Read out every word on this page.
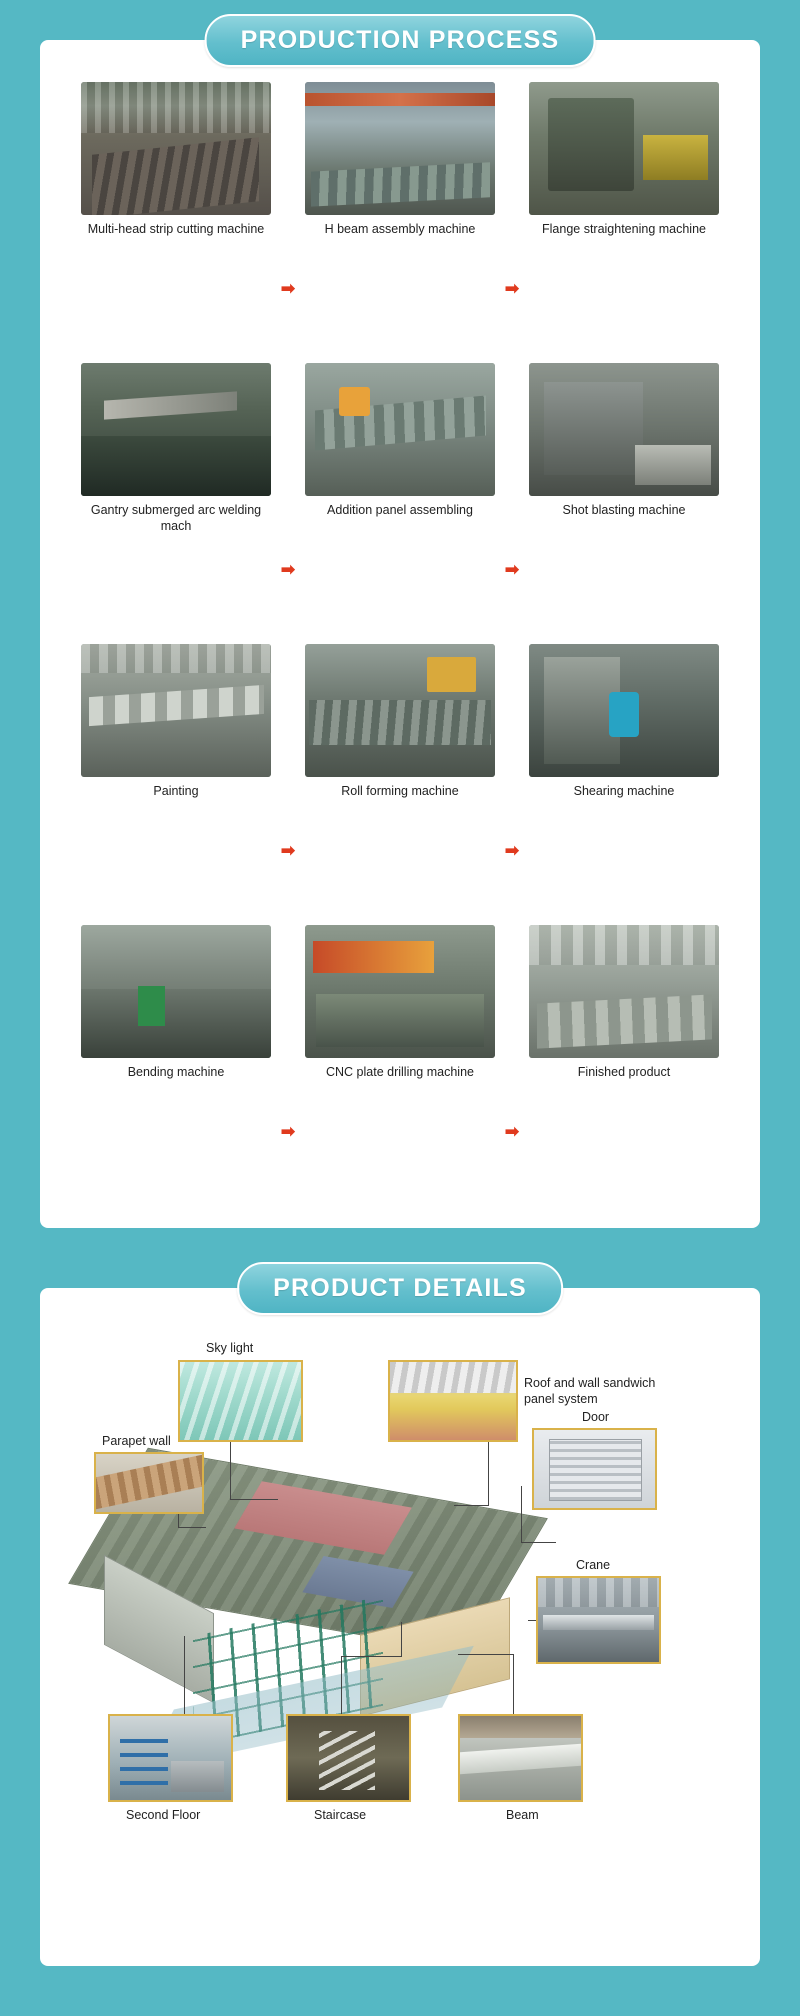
PRODUCTION PROCESS
Multi-head strip cutting machine
➡
H beam assembly machine
➡
Flange straightening machine
Gantry submerged arc welding mach
➡
Addition panel assembling
➡
Shot blasting machine
Painting
➡
Roll forming machine
➡
Shearing machine
Bending machine
➡
CNC plate drilling machine
➡
Finished product
PRODUCT DETAILS
Sky light
Roof and wall sandwich panel system
Door
Parapet wall
Crane
Second Floor	Staircase	Beam
